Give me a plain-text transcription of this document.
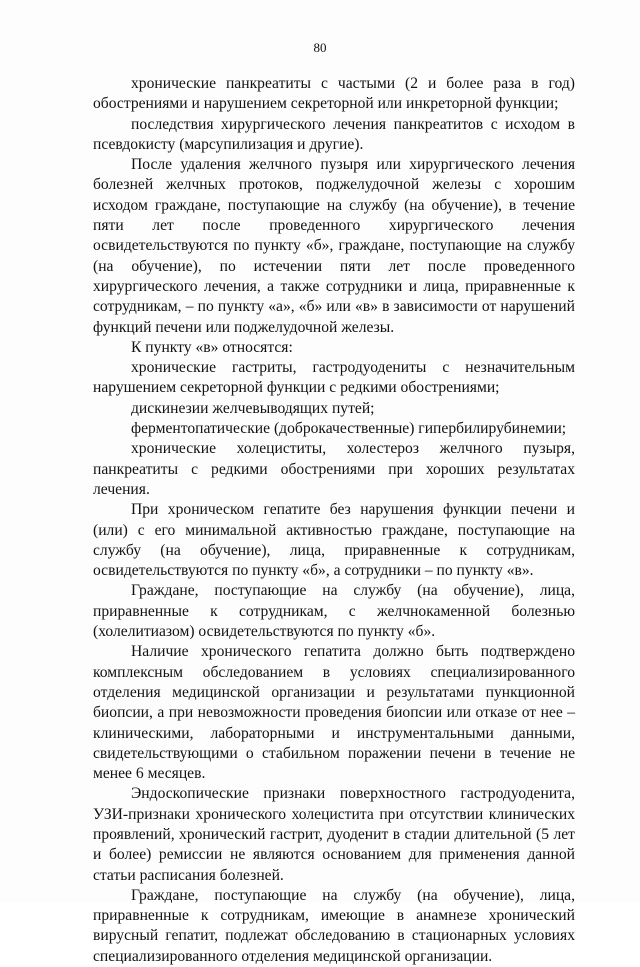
80

хронические панкреатиты с частыми (2 и более раза в год) обострениями и нарушением секреторной или инкреторной функции;

последствия хирургического лечения панкреатитов с исходом в псевдокисту (марсупилизация и другие).

После удаления желчного пузыря или хирургического лечения болезней желчных протоков, поджелудочной железы с хорошим исходом граждане, поступающие на службу (на обучение), в течение пяти лет после проведенного хирургического лечения освидетельствуются по пункту «б», граждане, поступающие на службу (на обучение), по истечении пяти лет после проведенного хирургического лечения, а также сотрудники и лица, приравненные к сотрудникам, – по пункту «а», «б» или «в» в зависимости от нарушений функций печени или поджелудочной железы.

К пункту «в» относятся:

хронические гастриты, гастродуодениты с незначительным нарушением секреторной функции с редкими обострениями;

дискинезии желчевыводящих путей;

ферментопатические (доброкачественные) гипербилирубинемии;

хронические холециститы, холестероз желчного пузыря, панкреатиты с редкими обострениями при хороших результатах лечения.

При хроническом гепатите без нарушения функции печени и (или) с его минимальной активностью граждане, поступающие на службу (на обучение), лица, приравненные к сотрудникам, освидетельствуются по пункту «б», а сотрудники – по пункту «в».

Граждане, поступающие на службу (на обучение), лица, приравненные к сотрудникам, с желчнокаменной болезнью (холелитиазом) освидетельствуются по пункту «б».

Наличие хронического гепатита должно быть подтверждено комплексным обследованием в условиях специализированного отделения медицинской организации и результатами пункционной биопсии, а при невозможности проведения биопсии или отказе от нее – клиническими, лабораторными и инструментальными данными, свидетельствующими о стабильном поражении печени в течение не менее 6 месяцев.

Эндоскопические признаки поверхностного гастродуоденита, УЗИ-признаки хронического холецистита при отсутствии клинических проявлений, хронический гастрит, дуоденит в стадии длительной (5 лет и более) ремиссии не являются основанием для применения данной статьи расписания болезней.

Граждане, поступающие на службу (на обучение), лица, приравненные к сотрудникам, имеющие в анамнезе хронический вирусный гепатит, подлежат обследованию в стационарных условиях специализированного отделения медицинской организации.
